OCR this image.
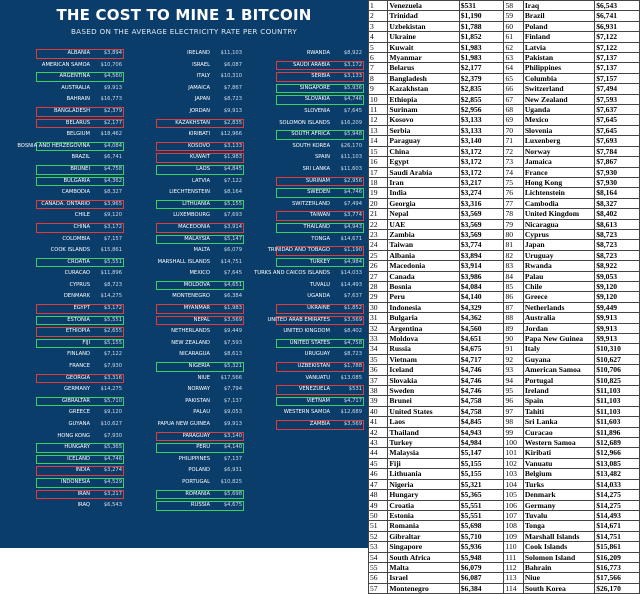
THE COST TO MINE 1 BITCOIN
BASED ON THE AVERAGE ELECTRICITY RATE PER COUNTRY
ALBANIA	$3,894
AMERICAN SAMOA $10,706
ARGENTINA	$4,560
AUSTRALIA	$9,913
BAHRAIN $16,773
BANGLADESH	$2,379
BELARUS	$2,177
BELGIUM $18,462
BOSNIA AND HERZEGOVINA	$4,084
BRAZIL	$6,741
BRUNEI	$4,758
BULGARIA	$4,362
CAMBODIA	$8,327
CANADA. ONTARIO	$3,965
CHILE	$9,120
CHINA	$3,172
COLOMBIA	$7,157
COOK ISLANDS $15,861
CROATIA	$5,551
CURACAO $11,896
CYPRUS	$8,723
DENMARK $14,275
EGYPT	$3,172
ESTONIA	$5,551
ETHIOPIA	$2,655
FIJI	$5,155
FINLAND	$7,122
FRANCE	$7,930
GEORGIA	$3,316
GERMANY $14,275
GIBRALTAR	$5,710
GREECE	$9,120
GUYANA $10,627
HONG KONG	$7,930
HUNGARY	$5,365
ICELAND	$4,746
INDIA	$3,274
INDONESIA	$4,529
IRAN	$3,217
IRAQ	$6,543
IRELAND $11,103
ISRAEL	$6,087
ITALY $10,310
JAMAICA	$7,867
JAPAN	$8,723
JORDAN	$9,913
KAZAKHSTAN	$2,835
KIRIBATI $12,966
KOSOVO	$3,133
KUWAIT	$1,983
LAOS	$4,845
LATVIA	$7,122
LIECHTENSTEIN	$8,164
LITHUANIA	$5,155
LUXEMBOURG	$7,693
MACEDONIA	$3,914
MALAYSIA	$5,147
MALTA	$6,079
MARSHALL ISLANDS $14,751
MEXICO	$7,645
MOLDOVA	$4,651
MONTENEGRO	$6,384
MYANMAR	$1,983
NEPAL	$3,569
NETHERLANDS	$9,449
NEW ZEALAND	$7,593
NICARAGUA	$8,613
NIGERIA	$5,321
NIUE $17,566
NORWAY	$7,794
PAKISTAN	$7,137
PALAU	$9,053
PAPUA NEW GUINEA	$9,913
PARAGUAY	$3,140
PERU	$4,140
PHILIPPINES	$7,137
POLAND	$6,931
PORTUGAL $10,825
ROMANIA	$5,698
RUSSIA	$4,675
RWANDA	$8,922
SAUDI ARABIA	$3,172
SERBIA	$3,133
SINGAPORE	$5,936
SLOVAKIA	$4,746
SLOVENIA	$7,645
SOLOMON ISLANDS $16,209
SOUTH AFRICA	$5,948
SOUTH KOREA $26,170
SPAIN $11,103
SRI LANKA $11,603
SURINAM	$2,956
SWEDEN	$4,746
SWITZERLAND	$7,494
TAIWAN	$3,774
THAILAND	$4,943
TONGA $14,671
TRINIDAD AND TOBAGO	$1,190
TURKEY	$4,984
TURKS AND CAICOS ISLANDS $14,033
TUVALU $14,493
UGANDA	$7,637
UKRAINE	$1,852
UNITED ARAB EMIRATES	$3,569
UNITED KINGDOM	$8,402
UNITED STATES	$4,758
URUGUAY	$8,723
UZBEKISTAN	$1,788
VANUATU $13,085
VENEZUELA	$531
VIETNAM	$4,717
WESTERN SAMOA $12,689
ZAMBIA	$3,569
1	Venezuela	$531	58	Iraq	$6,543
2	Trinidad	$1,190	59	Brazil	$6,741
3	Uzbekistan	$1,788	60	Poland	$6,931
4	Ukraine	$1,852	61	Finland	$7,122
5	Kuwait	$1,983	62	Latvia	$7,122
6	Myanmar	$1,983	63	Pakistan	$7,137
7	Belarus	$2,177	64	Philippines	$7,137
8	Bangladesh	$2,379	65	Columbia	$7,157
9	Kazakhstan	$2,835	66	Switzerland	$7,494
10	Ethiopia	$2,855	67	New Zealand	$7,593
11	Surinam	$2,956	68	Uganda	$7,637
12	Kosovo	$3,133	69	Mexico	$7,645
13	Serbia	$3,133	70	Slovenia	$7,645
14	Paraguay	$3,140	71	Luxenberg	$7,693
15	China	$3,172	72	Norway	$7,784
16	Egypt	$3,172	73	Jamaica	$7,867
17	Saudi Arabia	$3,172	74	France	$7,930
18	Iran	$3,217	75	Hong Kong	$7,930
19	India	$3,274	76	Lichtenstein	$8,164
20	Georgia	$3,316	77	Cambodia	$8,327
21	Nepal	$3,569	78	United Kingdom	$8,402
22	UAE	$3,569	79	Nicaragua	$8,613
23	Zambia	$3,569	80	Cyprus	$8,723
24	Taiwan	$3,774	81	Japan	$8,723
25	Albania	$3,894	82	Uruguay	$8,723
26	Macedonia	$3,914	83	Rwanda	$8,922
27	Canada	$3,986	84	Palau	$9,053
28	Bosnia	$4,084	85	Chile	$9,120
29	Peru	$4,140	86	Greece	$9,120
30	Indonesia	$4,329	87	Netherlands	$9,449
31	Bulgaria	$4,362	88	Australia	$9,913
32	Argentina	$4,560	89	Jordan	$9,913
33	Moldova	$4,651	90	Papa New Guinea	$9,913
34	Russia	$4,675	91	Italy	$10,310
35	Vietnam	$4,717	92	Guyana	$10,627
36	Iceland	$4,746	93	American Samoa	$10,706
37	Slovakia	$4,746	94	Portugal	$10,825
38	Sweden	$4,746	95	Ireland	$11,103
39	Brunei	$4,758	96	Spain	$11,103
40	United States	$4,758	97	Tahiti	$11,103
41	Laos	$4,845	98	Sri Lanka	$11,603
42	Thailand	$4,943	99	Curacao	$11,896
43	Turkey	$4,984	100	Western Samoa	$12,689
44	Malaysia	$5,147	101	Kiribati	$12,966
45	Fiji	$5,155	102	Vanuatu	$13,085
46	Lithuania	$5,155	103	Belgium	$13,482
47	Nigeria	$5,321	104	Turks	$14,033
48	Hungary	$5,365	105	Denmark	$14,275
49	Croatia	$5,551	106	Germany	$14,275
50	Estonia	$5,551	107	Tuvalu	$14,493
51	Romania	$5,698	108	Tonga	$14,671
52	Gibraltar	$5,710	109	Marshall Islands	$14,751
53	Singapore	$5,936	110	Cook Islands	$15,861
54	South Africa	$5,948	111	Solomon Island	$16,209
55	Malta	$6,079	112	Bahrain	$16,773
56	Israel	$6,087	113	Niue	$17,566
57	Montenegro	$6,384	114	South Korea	$26,170
